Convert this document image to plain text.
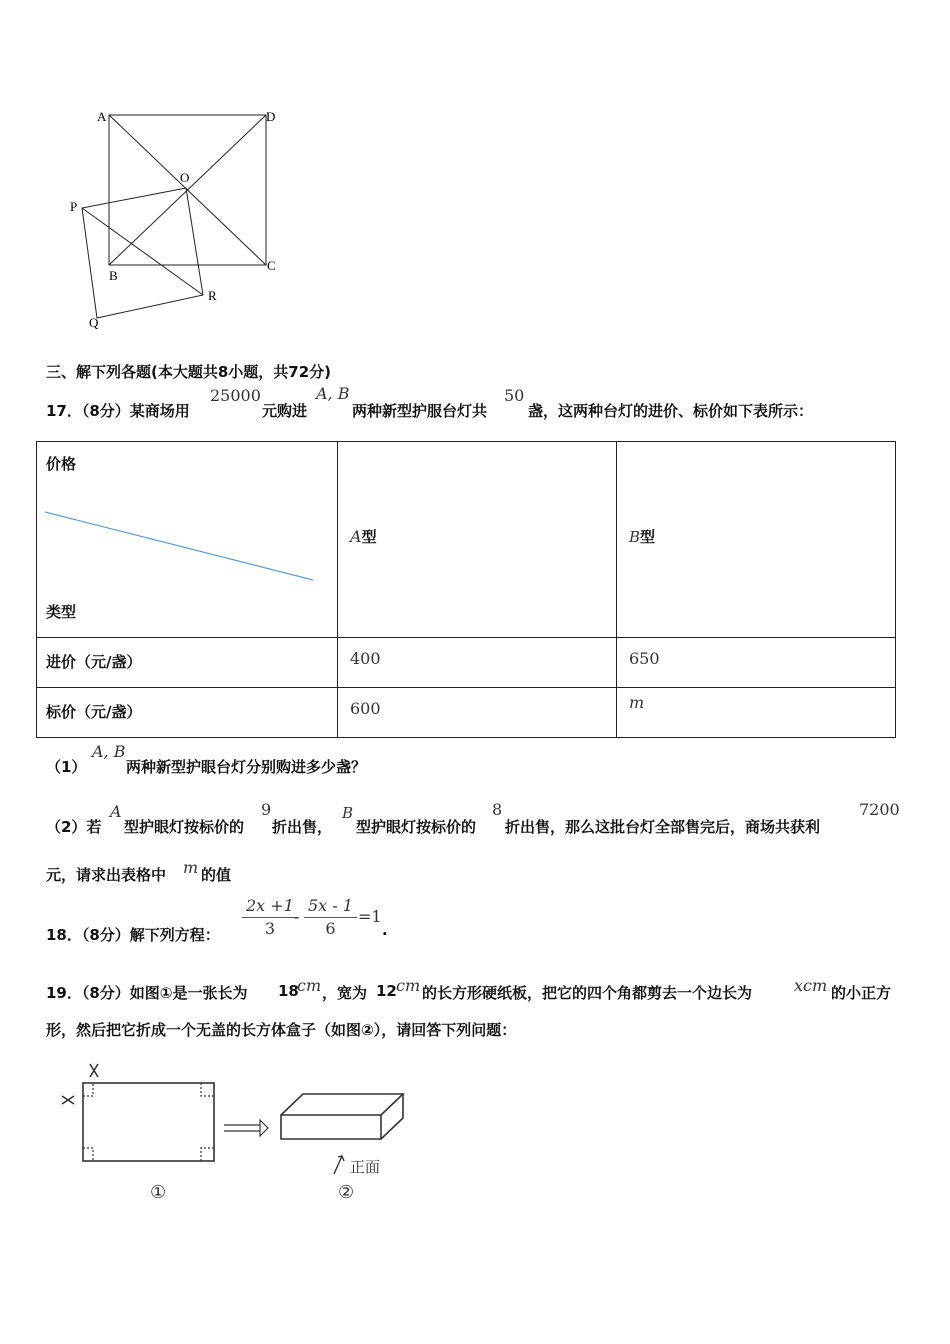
A	D
O
P
B
C
R
Q
三、解下列各题(本大题共8小题，共72分)
17．（8分）某商场用
25000
元购进
A, B
两种新型护服台灯共
50
盏，这两种台灯的进价、标价如下表所示：
价格
类型	A型	B型

进价（元/盏）	400	650

标价（元/盏）	600	m
（1）
A, B
两种新型护眼台灯分别购进多少盏？
（2）若
A
型护眼灯按标价的
9
折出售，
B
型护眼灯按标价的
8
折出售，那么这批台灯全部售完后，商场共获利
7200
元，请求出表格中 m 的值
18．（8分）解下列方程： $\frac{2x +1}{3}$
- $\frac{5x - 1}{6} =1$
.
19．（8分）如图①是一张长为 18
cm ，宽为 12 cm 的长方形硬纸板，把它的四个角都剪去一个边长为	xcm 的小正方
形，然后把它折成一个无盖的长方体盒子（如图②），请回答下列问题：
正面
①	②
